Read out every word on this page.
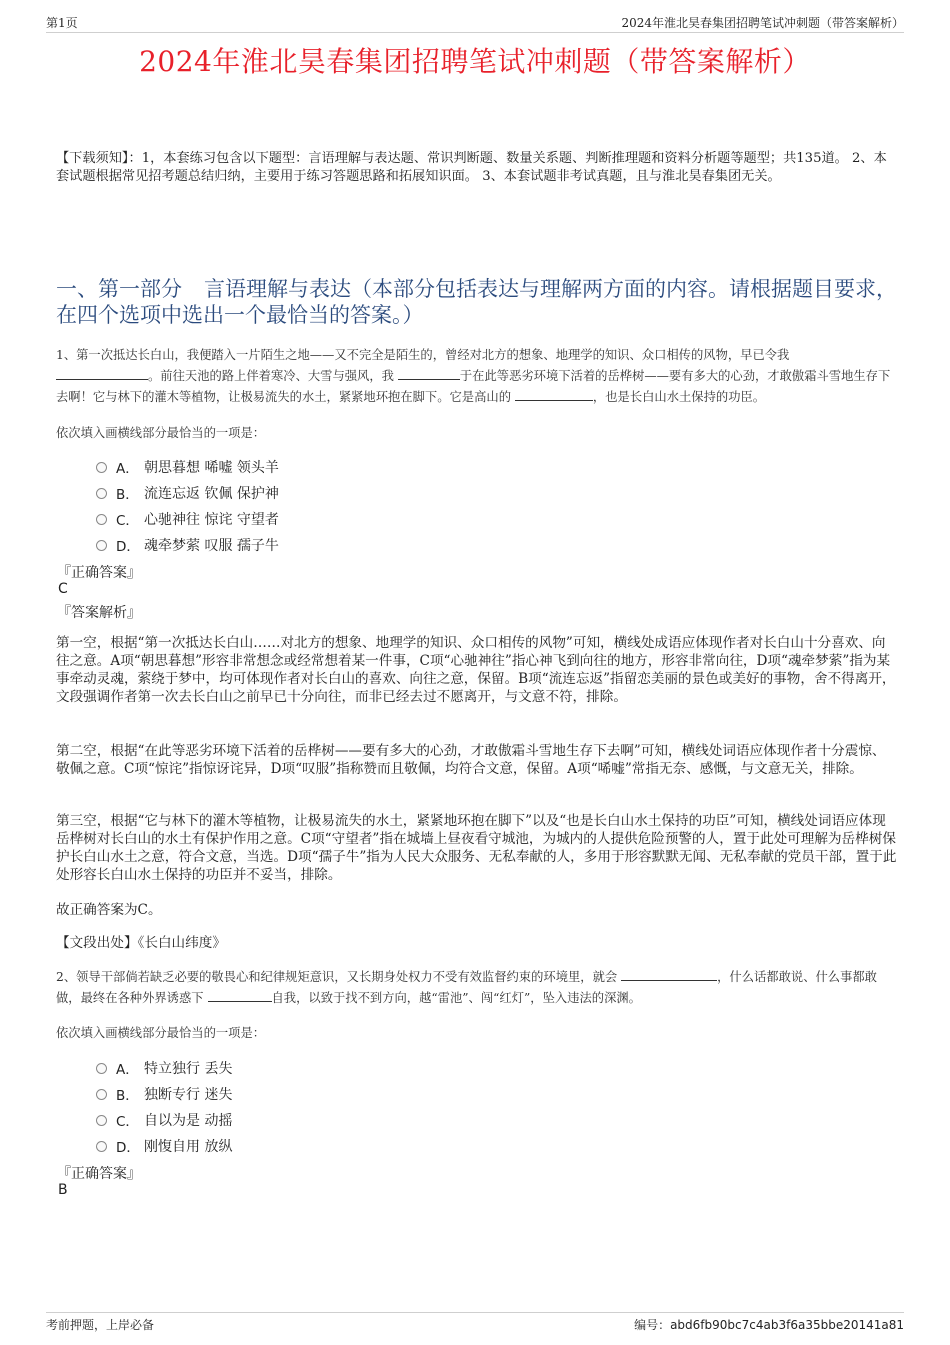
第1页	2024年淮北昊春集团招聘笔试冲刺题（带答案解析）
2024年淮北昊春集团招聘笔试冲刺题（带答案解析）
【下载须知】：1，本套练习包含以下题型：言语理解与表达题、常识判断题、数量关系题、判断推理题和资料分析题等题型；共135道。 2、本套试题根据常见招考题总结归纳，主要用于练习答题思路和拓展知识面。 3、本套试题非考试真题，且与淮北昊春集团无关。
一、第一部分 言语理解与表达（本部分包括表达与理解两方面的内容。请根据题目要求，在四个选项中选出一个最恰当的答案。）
1、第一次抵达长白山，我便踏入一片陌生之地——又不完全是陌生的，曾经对北方的想象、地理学的知识、众口相传的风物，早已令我
。前往天池的路上伴着寒冷、大雪与强风，我	于在此等恶劣环境下活着的岳桦树——要有多大的心劲，才敢傲霜斗雪地生存下去啊！它与林下的灌木等植物，让极易流失的水土，紧紧地环抱在脚下。它是高山的	，也是长白山水土保持的功臣。
依次填入画横线部分最恰当的一项是：
A． 朝思暮想 唏嘘 领头羊
B． 流连忘返 钦佩 保护神
C． 心驰神往 惊诧 守望者
D． 魂牵梦萦 叹服 孺子牛
『正确答案』
C
『答案解析』
第一空，根据“第一次抵达长白山……对北方的想象、地理学的知识、众口相传的风物”可知，横线处成语应体现作者对长白山十分喜欢、向往之意。A项“朝思暮想”形容非常想念或经常想着某一件事，C项“心驰神往”指心神飞到向往的地方，形容非常向往，D项“魂牵梦萦”指为某事牵动灵魂，萦绕于梦中，均可体现作者对长白山的喜欢、向往之意，保留。B项“流连忘返”指留恋美丽的景色或美好的事物，舍不得离开，文段强调作者第一次去长白山之前早已十分向往，而非已经去过不愿离开，与文意不符，排除。
第二空，根据“在此等恶劣环境下活着的岳桦树——要有多大的心劲，才敢傲霜斗雪地生存下去啊”可知，横线处词语应体现作者十分震惊、敬佩之意。C项“惊诧”指惊讶诧异，D项“叹服”指称赞而且敬佩，均符合文意，保留。A项“唏嘘”常指无奈、感慨，与文意无关，排除。
第三空，根据“它与林下的灌木等植物，让极易流失的水土，紧紧地环抱在脚下”以及“也是长白山水土保持的功臣”可知，横线处词语应体现岳桦树对长白山的水土有保护作用之意。C项“守望者”指在城墙上昼夜看守城池，为城内的人提供危险预警的人，置于此处可理解为岳桦树保护长白山水土之意，符合文意，当选。D项“孺子牛”指为人民大众服务、无私奉献的人，多用于形容默默无闻、无私奉献的党员干部，置于此处形容长白山水土保持的功臣并不妥当，排除。
故正确答案为C。
【文段出处】《长白山纬度》
2、领导干部倘若缺乏必要的敬畏心和纪律规矩意识，又长期身处权力不受有效监督约束的环境里，就会	，什么话都敢说、什么事都敢做，最终在各种外界诱惑下	自我，以致于找不到方向，越“雷池”、闯“红灯”，坠入违法的深渊。
依次填入画横线部分最恰当的一项是：
A． 特立独行 丢失
B． 独断专行 迷失
C． 自以为是 动摇
D． 刚愎自用 放纵
『正确答案』
B
考前押题，上岸必备	编号：abd6fb90bc7c4ab3f6a35bbe20141a81
